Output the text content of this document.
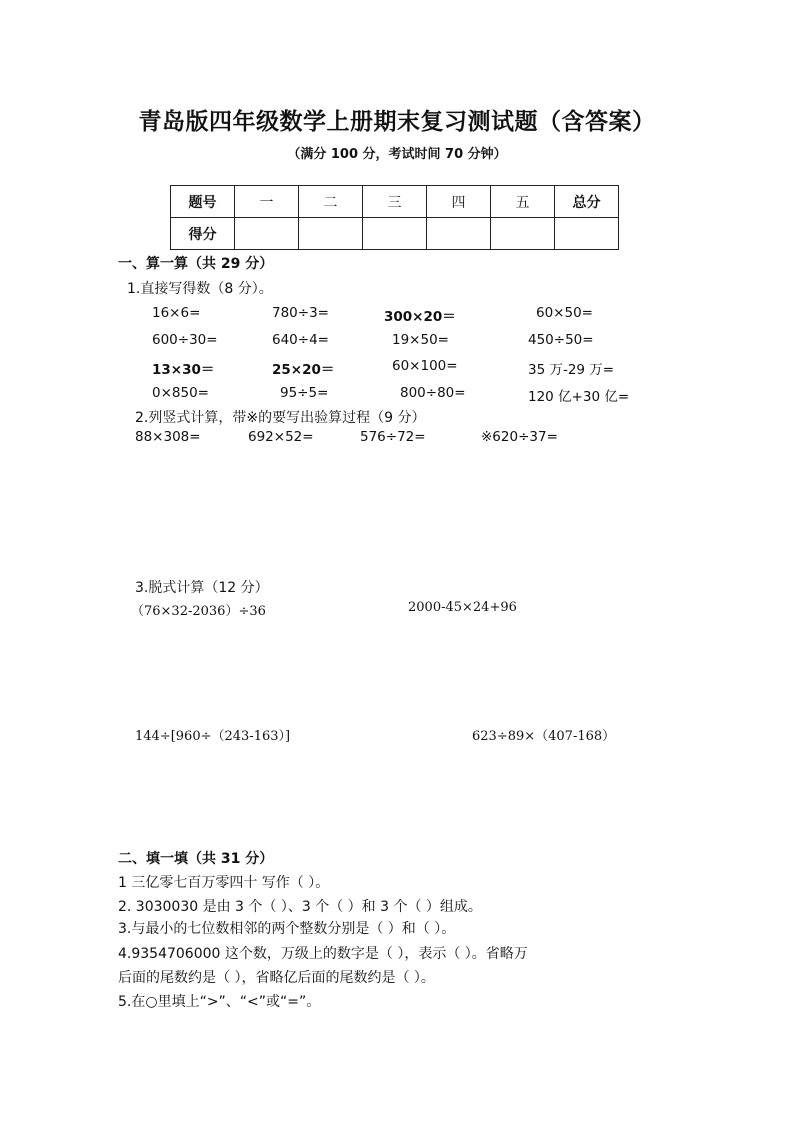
青岛版四年级数学上册期末复习测试题（含答案）
（满分 100 分，考试时间 70 分钟）
题号	一	二	三	四	五	总分
得分						
一、算一算（共 29 分）
1.直接写得数（8 分）。
16×6=	780÷3=	300×20＝	60×50=
600÷30=	640÷4=	19×50=	450÷50=
13×30＝	25×20＝	60×100=	35 万-29 万=
0×850=	95÷5=	800÷80=	120 亿+30 亿=
2.列竖式计算，带※的要写出验算过程（9 分）
88×308=	692×52=	576÷72=	※620÷37=
3.脱式计算（12 分）
（76×32-2036）÷36	2000-45×24+96
144÷[960÷（243-163）]	623÷89×（407-168）
二、填一填（共 31 分）
1 三亿零七百万零四十 写作（ ）。
2. 3030030 是由 3 个（ ）、3 个（ ）和 3 个（ ）组成。
3.与最小的七位数相邻的两个整数分别是（ ）和（ ）。
4.9354706000 这个数，万级上的数字是（ ），表示（ ）。省略万
后面的尾数约是（ ），省略亿后面的尾数约是（ ）。
5.在○里填上“>”、“<”或“=”。
